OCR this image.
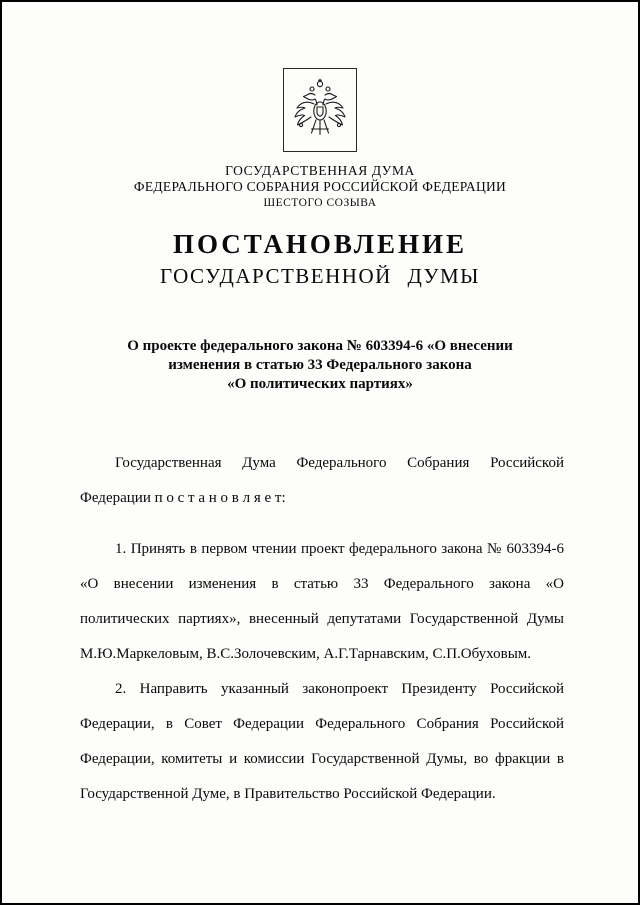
ГОСУДАРСТВЕННАЯ ДУМА
ФЕДЕРАЛЬНОГО СОБРАНИЯ РОССИЙСКОЙ ФЕДЕРАЦИИ
ШЕСТОГО СОЗЫВА
ПОСТАНОВЛЕНИЕ
ГОСУДАРСТВЕННОЙ ДУМЫ
О проекте федерального закона № 603394-6 «О внесении
изменения в статью 33 Федерального закона
«О политических партиях»

Государственная Дума Федерального Собрания Российской Федерации п о с т а н о в л я е т:

1. Принять в первом чтении проект федерального закона № 603394-6 «О внесении изменения в статью 33 Федерального закона «О политических партиях», внесенный депутатами Государственной Думы М.Ю.Маркеловым, В.С.Золочевским, А.Г.Тарнавским, С.П.Обуховым.

2. Направить указанный законопроект Президенту Российской Федерации, в Совет Федерации Федерального Собрания Российской Федерации, комитеты и комиссии Государственной Думы, во фракции в Государственной Думе, в Правительство Российской Федерации.
